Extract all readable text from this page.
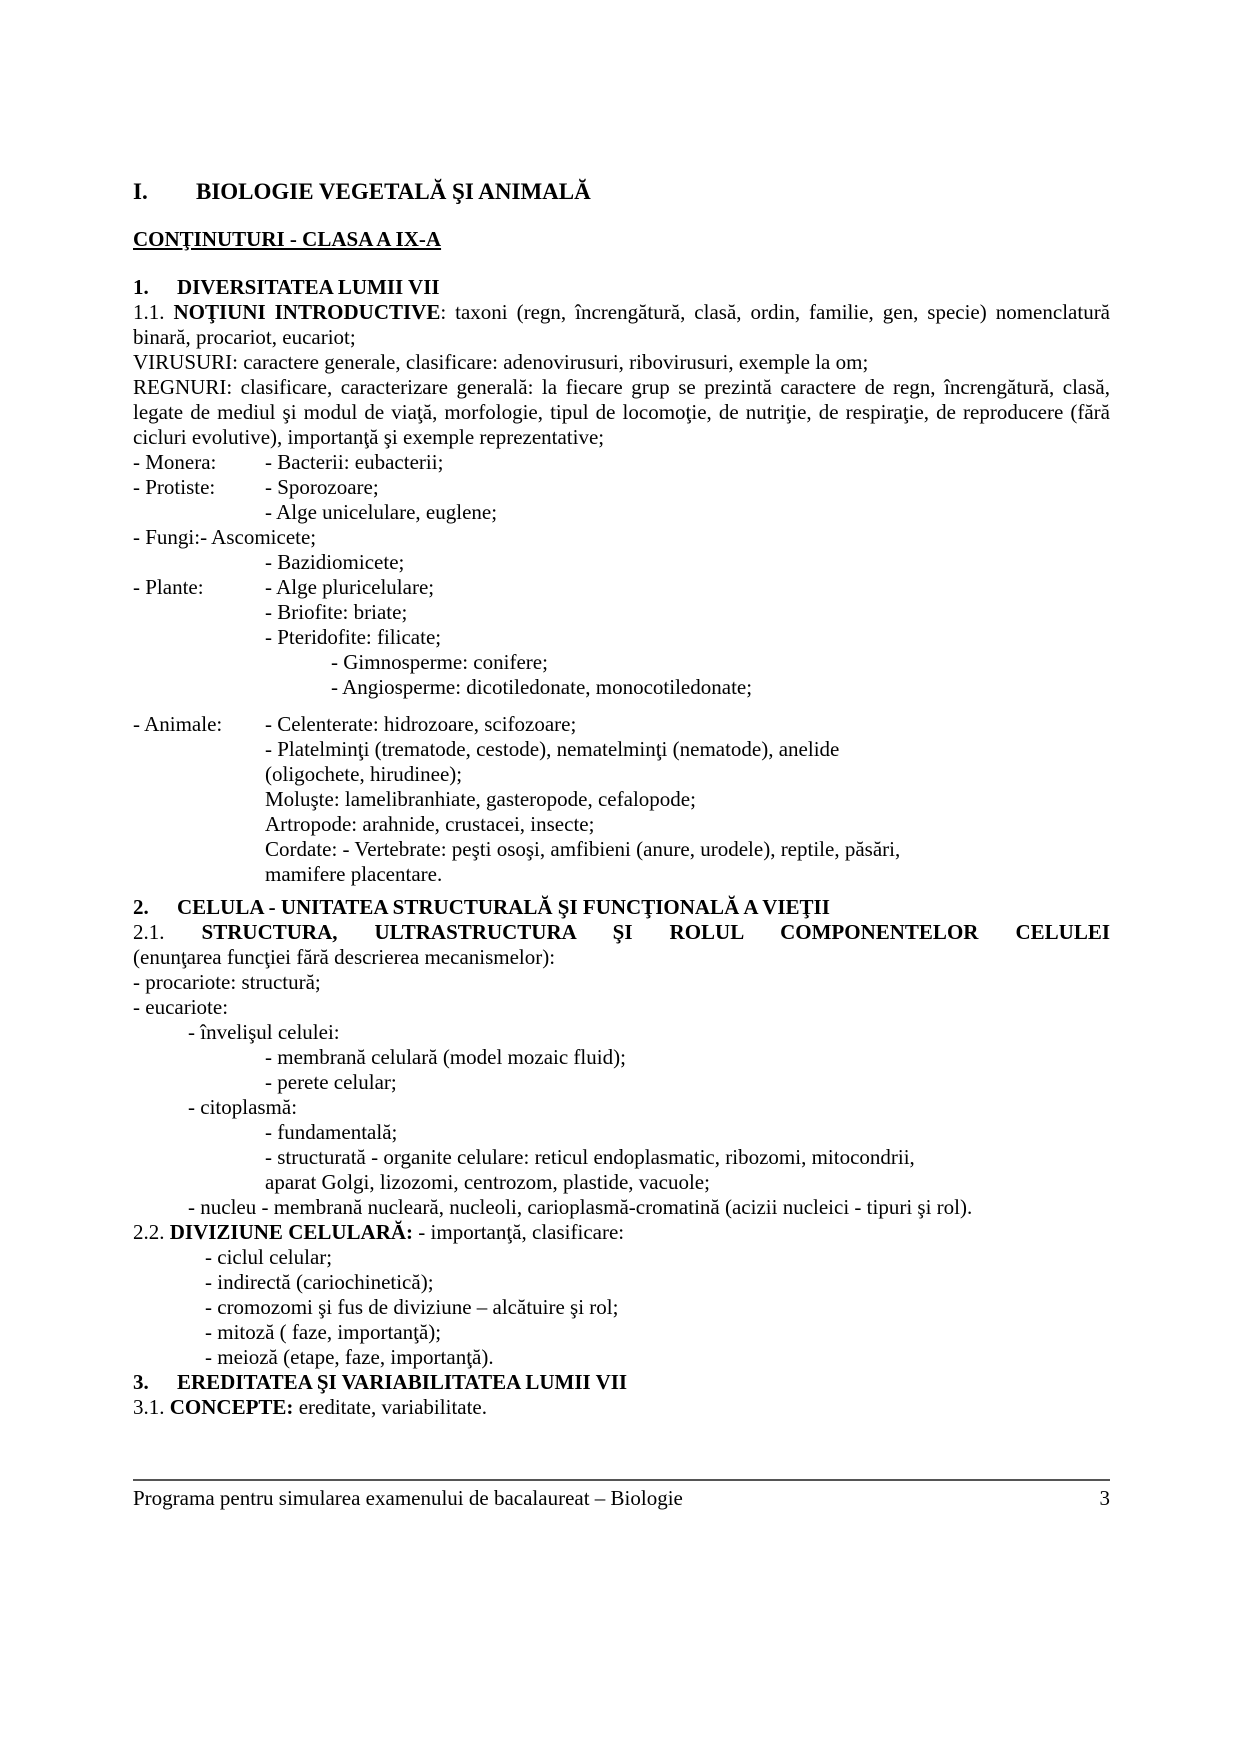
I. BIOLOGIE VEGETALĂ ŞI ANIMALĂ
CONŢINUTURI - CLASA A IX-A
1. DIVERSITATEA LUMII VII
1.1. NOŢIUNI INTRODUCTIVE: taxoni (regn, încrengătură, clasă, ordin, familie, gen, specie) nomenclatură binară, procariot, eucariot;
VIRUSURI: caractere generale, clasificare: adenovirusuri, ribovirusuri, exemple la om;
REGNURI: clasificare, caracterizare generală: la fiecare grup se prezintă caractere de regn, încrengătură, clasă, legate de mediul şi modul de viaţă, morfologie, tipul de locomoţie, de nutriţie, de respiraţie, de reproducere (fără cicluri evolutive), importanţă şi exemple reprezentative;
- Monera: - Bacterii: eubacterii;
- Protiste: - Sporozoare;
- Alge unicelulare, euglene;
- Fungi:- Ascomicete;
- Bazidiomicete;
- Plante:	- Alge pluricelulare;
- Briofite: briate;
- Pteridofite: filicate;
- Gimnosperme: conifere;
- Angiosperme: dicotiledonate, monocotiledonate;
- Animale: - Celenterate: hidrozoare, scifozoare;
- Platelminţi (trematode, cestode), nematelminţi (nematode), anelide
(oligochete, hirudinee);
Moluşte: lamelibranhiate, gasteropode, cefalopode;
Artropode: arahnide, crustacei, insecte;
Cordate: - Vertebrate: peşti osoşi, amfibieni (anure, urodele), reptile, păsări,
mamifere placentare.
2. CELULA - UNITATEA STRUCTURALĂ ŞI FUNCŢIONALĂ A VIEŢII
2.1. STRUCTURA, ULTRASTRUCTURA ŞI ROLUL COMPONENTELOR CELULEI
(enunţarea funcţiei fără descrierea mecanismelor):
- procariote: structură;
- eucariote:
- învelişul celulei:
- membrană celulară (model mozaic fluid);
- perete celular;
- citoplasmă:
- fundamentală;
- structurată - organite celulare: reticul endoplasmatic, ribozomi, mitocondrii,
aparat Golgi, lizozomi, centrozom, plastide, vacuole;
- nucleu - membrană nucleară, nucleoli, carioplasmă-cromatină (acizii nucleici - tipuri şi rol).
2.2. DIVIZIUNE CELULARĂ: - importanţă, clasificare:
- ciclul celular;
- indirectă (cariochinetică);
- cromozomi şi fus de diviziune – alcătuire şi rol;
- mitoză ( faze, importanţă);
- meioză (etape, faze, importanţă).
3. EREDITATEA ŞI VARIABILITATEA LUMII VII
3.1. CONCEPTE: ereditate, variabilitate.
Programa pentru simularea examenului de bacalaureat – Biologie	3
